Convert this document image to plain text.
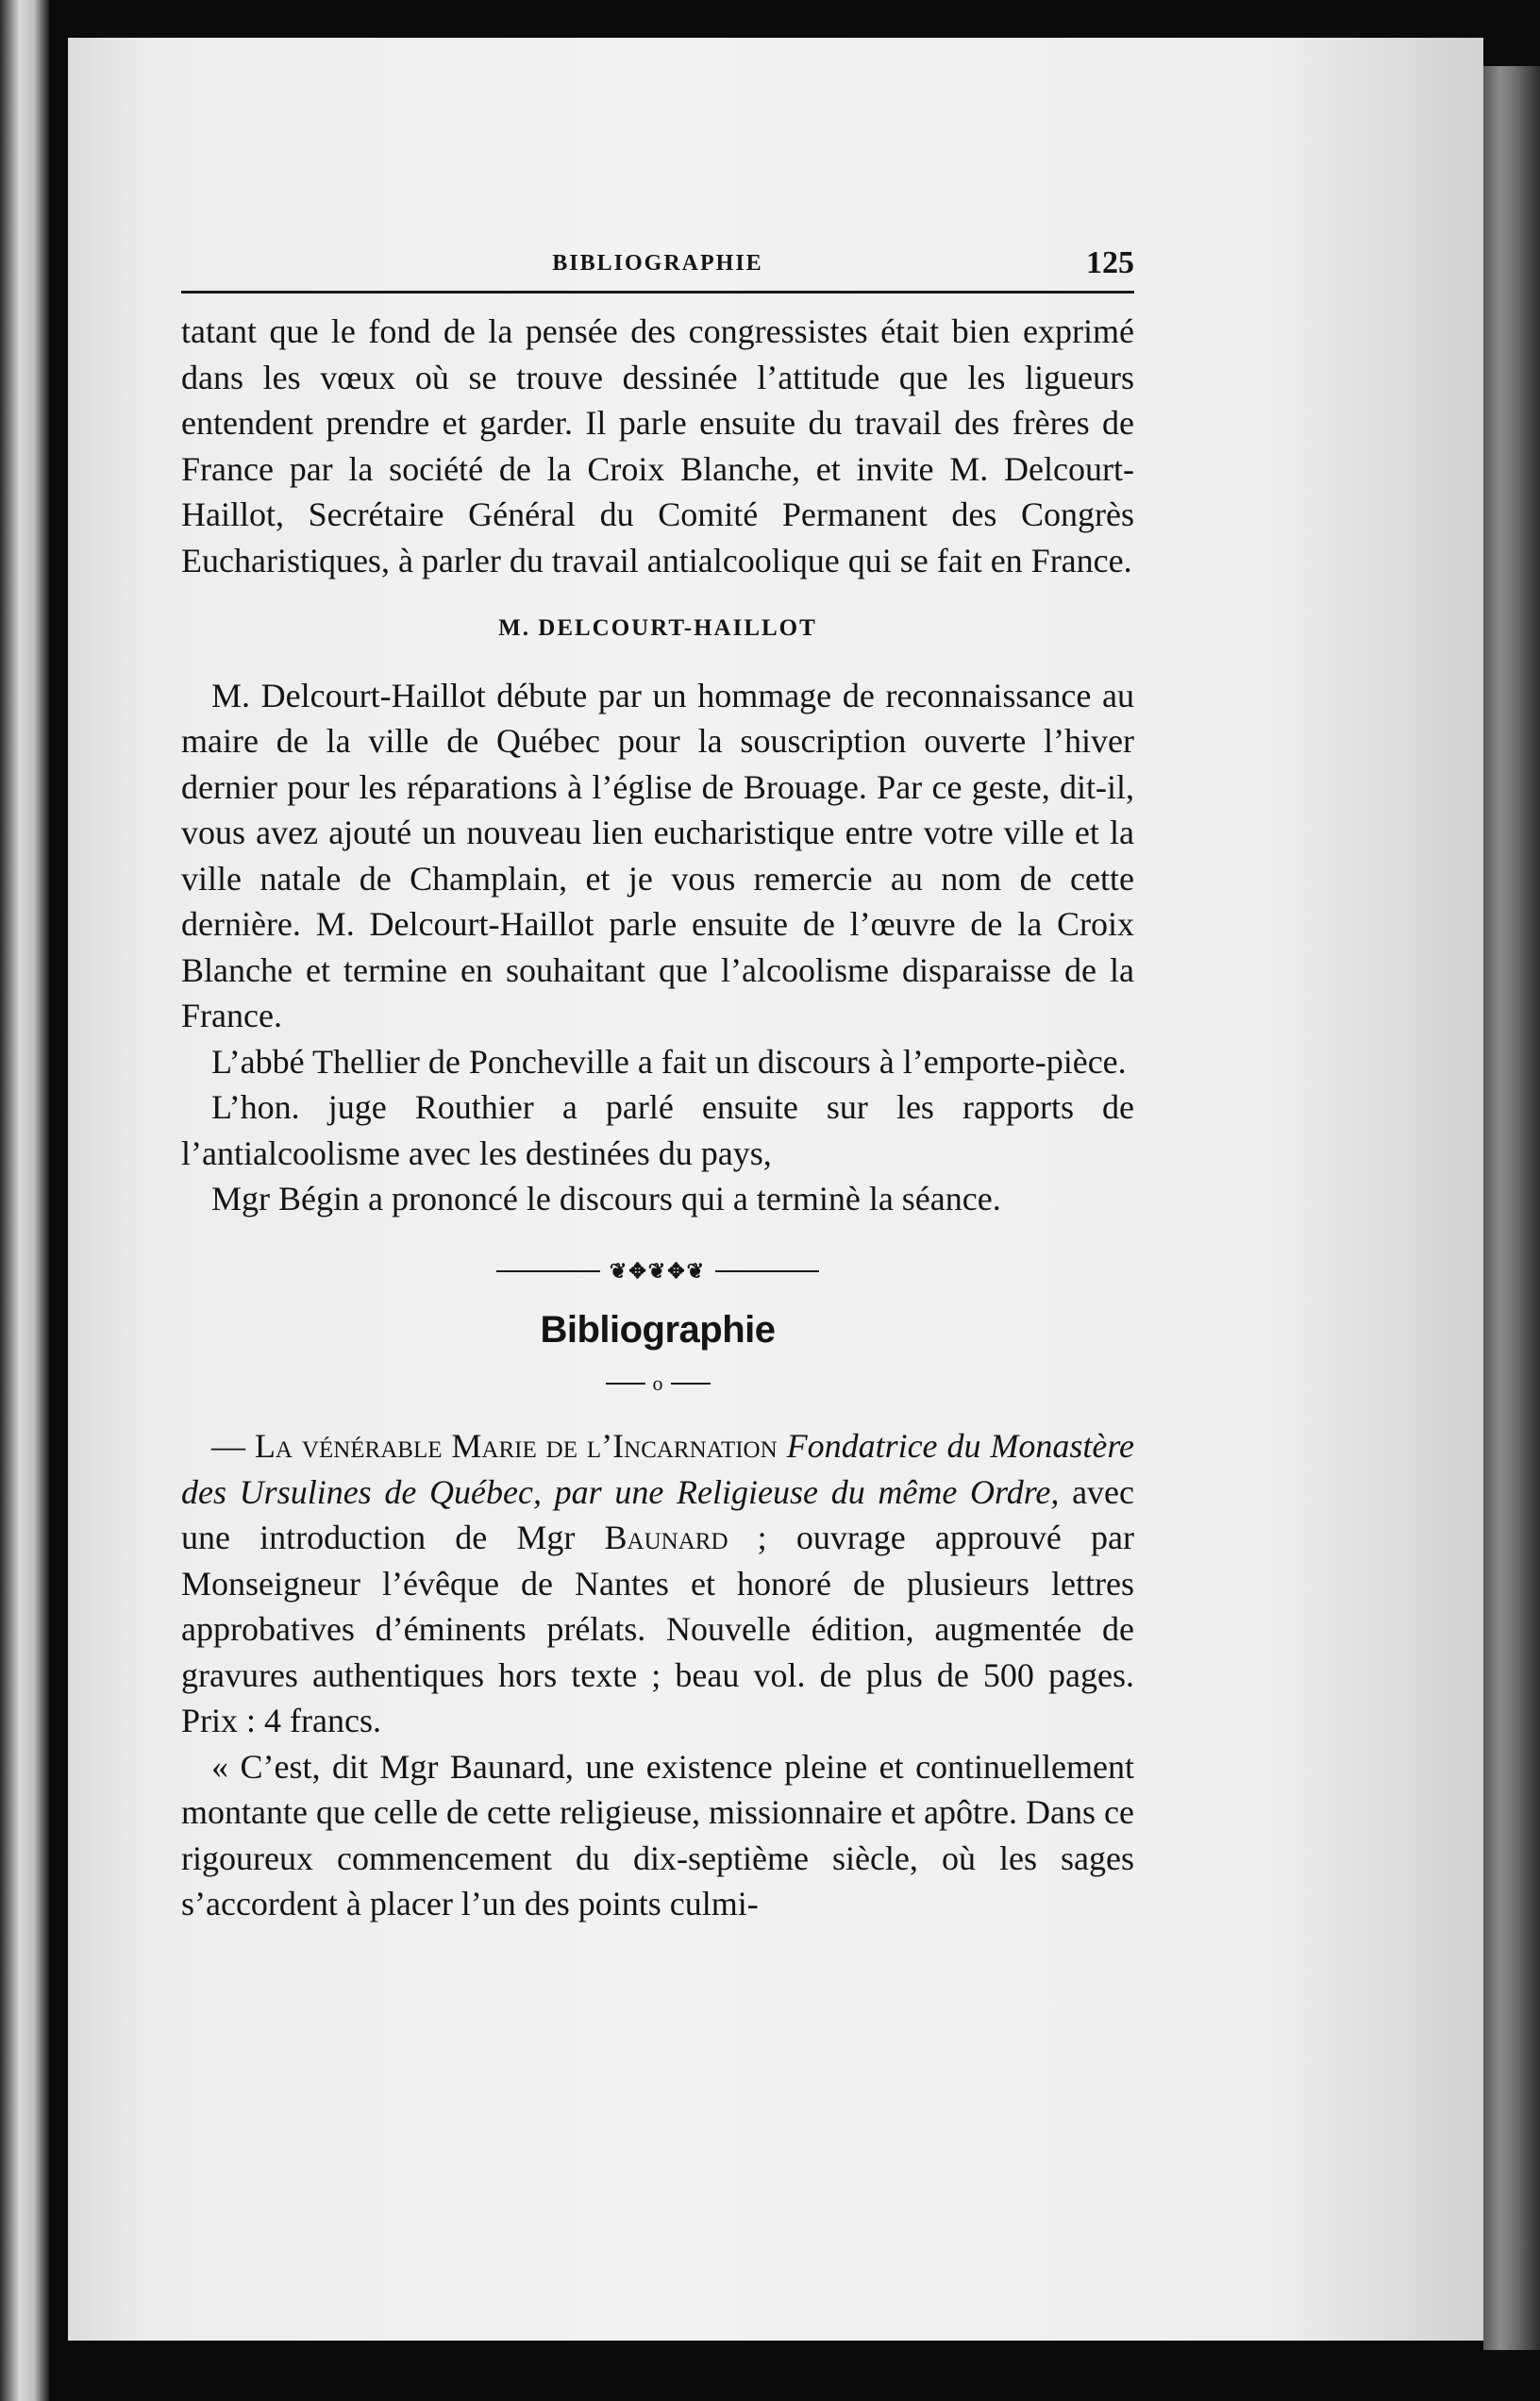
BIBLIOGRAPHIE	125

tatant que le fond de la pensée des congressistes était bien exprimé dans les vœux où se trouve dessinée l’attitude que les ligueurs entendent prendre et garder. Il parle ensuite du travail des frères de France par la société de la Croix Blanche, et invite M. Delcourt-Haillot, Secrétaire Général du Comité Permanent des Congrès Eucharistiques, à parler du travail antialcoolique qui se fait en France.

M. DELCOURT-HAILLOT

M. Delcourt-Haillot débute par un hommage de reconnaissance au maire de la ville de Québec pour la souscription ouverte l’hiver dernier pour les réparations à l’église de Brouage. Par ce geste, dit-il, vous avez ajouté un nouveau lien eucharistique entre votre ville et la ville natale de Champlain, et je vous remercie au nom de cette dernière. M. Delcourt-Haillot parle ensuite de l’œuvre de la Croix Blanche et termine en souhaitant que l’alcoolisme disparaisse de la France.

L’abbé Thellier de Poncheville a fait un discours à l’emporte-pièce.

L’hon. juge Routhier a parlé ensuite sur les rapports de l’antialcoolisme avec les destinées du pays,

Mgr Bégin a prononcé le discours qui a terminè la séance.

❦✥❦✥❦
Bibliographie
o

— La vénérable Marie de l’Incarnation Fondatrice du Monastère des Ursulines de Québec, par une Religieuse du même Ordre, avec une introduction de Mgr Baunard ; ouvrage approuvé par Monseigneur l’évêque de Nantes et honoré de plusieurs lettres approbatives d’éminents prélats. Nouvelle édition, augmentée de gravures authentiques hors texte ; beau vol. de plus de 500 pages. Prix : 4 francs.

« C’est, dit Mgr Baunard, une existence pleine et continuellement montante que celle de cette religieuse, missionnaire et apôtre. Dans ce rigoureux commencement du dix-septième siècle, où les sages s’accordent à placer l’un des points culmi-
